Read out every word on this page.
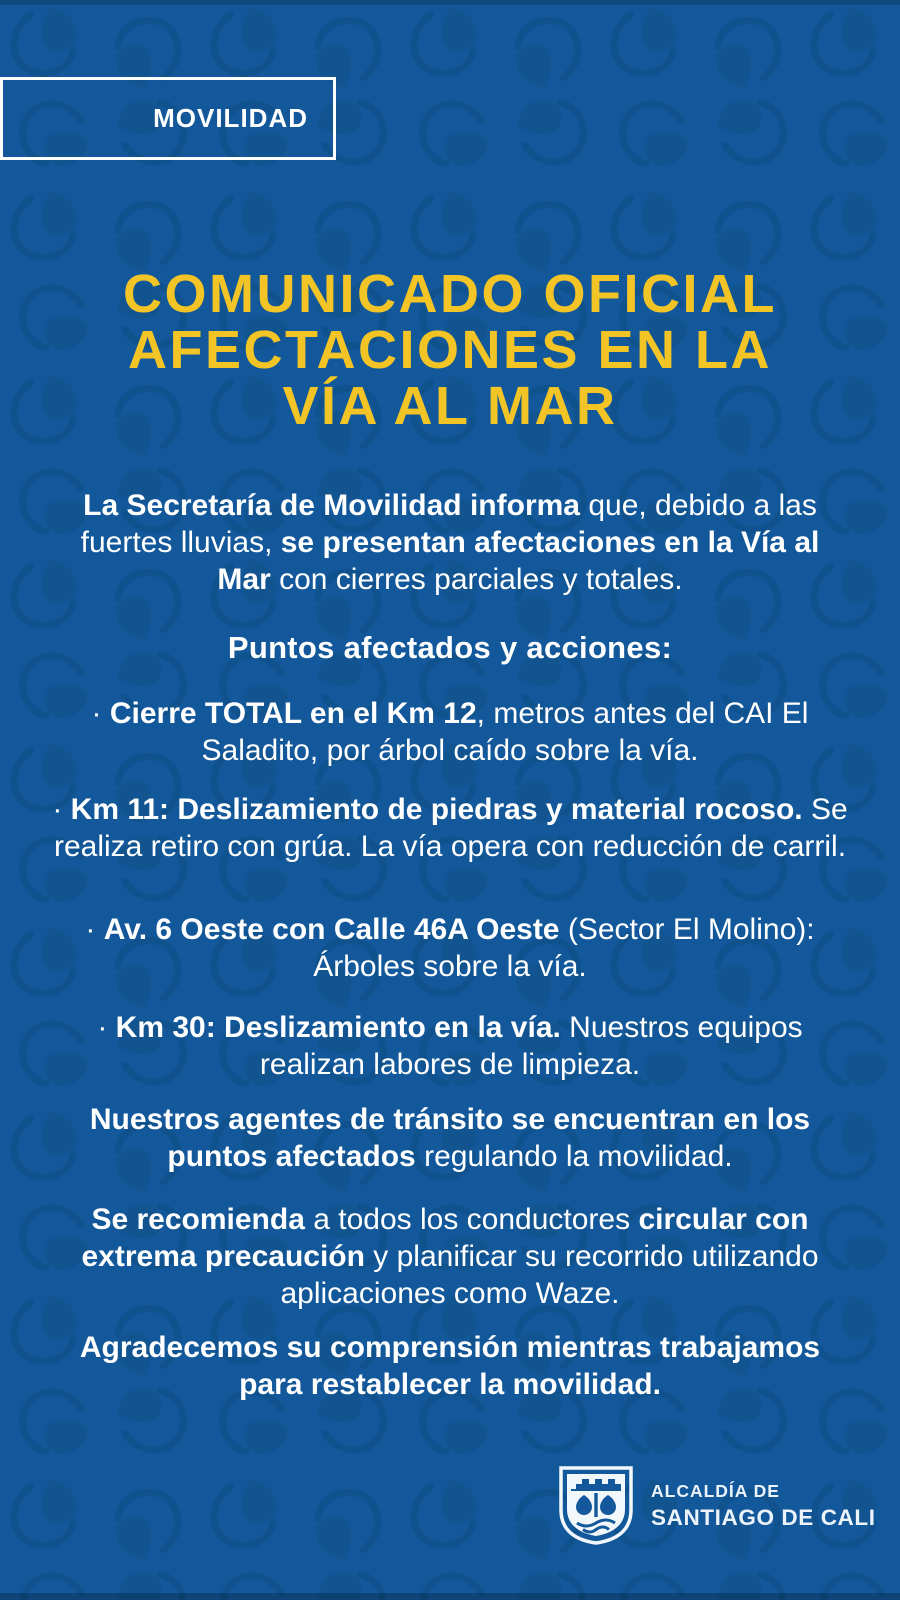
MOVILIDAD
COMUNICADO OFICIAL
AFECTACIONES EN LA
VÍA AL MAR

La Secretaría de Movilidad informa que, debido a las fuertes lluvias, se presentan afectaciones en la Vía al Mar con cierres parciales y totales.

Puntos afectados y acciones:

· Cierre TOTAL en el Km 12, metros antes del CAI El Saladito, por árbol caído sobre la vía.

· Km 11: Deslizamiento de piedras y material rocoso. Se realiza retiro con grúa. La vía opera con reducción de carril.

· Av. 6 Oeste con Calle 46A Oeste (Sector El Molino): Árboles sobre la vía.

· Km 30: Deslizamiento en la vía. Nuestros equipos realizan labores de limpieza.

Nuestros agentes de tránsito se encuentran en los puntos afectados regulando la movilidad.

Se recomienda a todos los conductores circular con extrema precaución y planificar su recorrido utilizando aplicaciones como Waze.

Agradecemos su comprensión mientras trabajamos para restablecer la movilidad.

ALCALDÍA DE
SANTIAGO DE CALI
